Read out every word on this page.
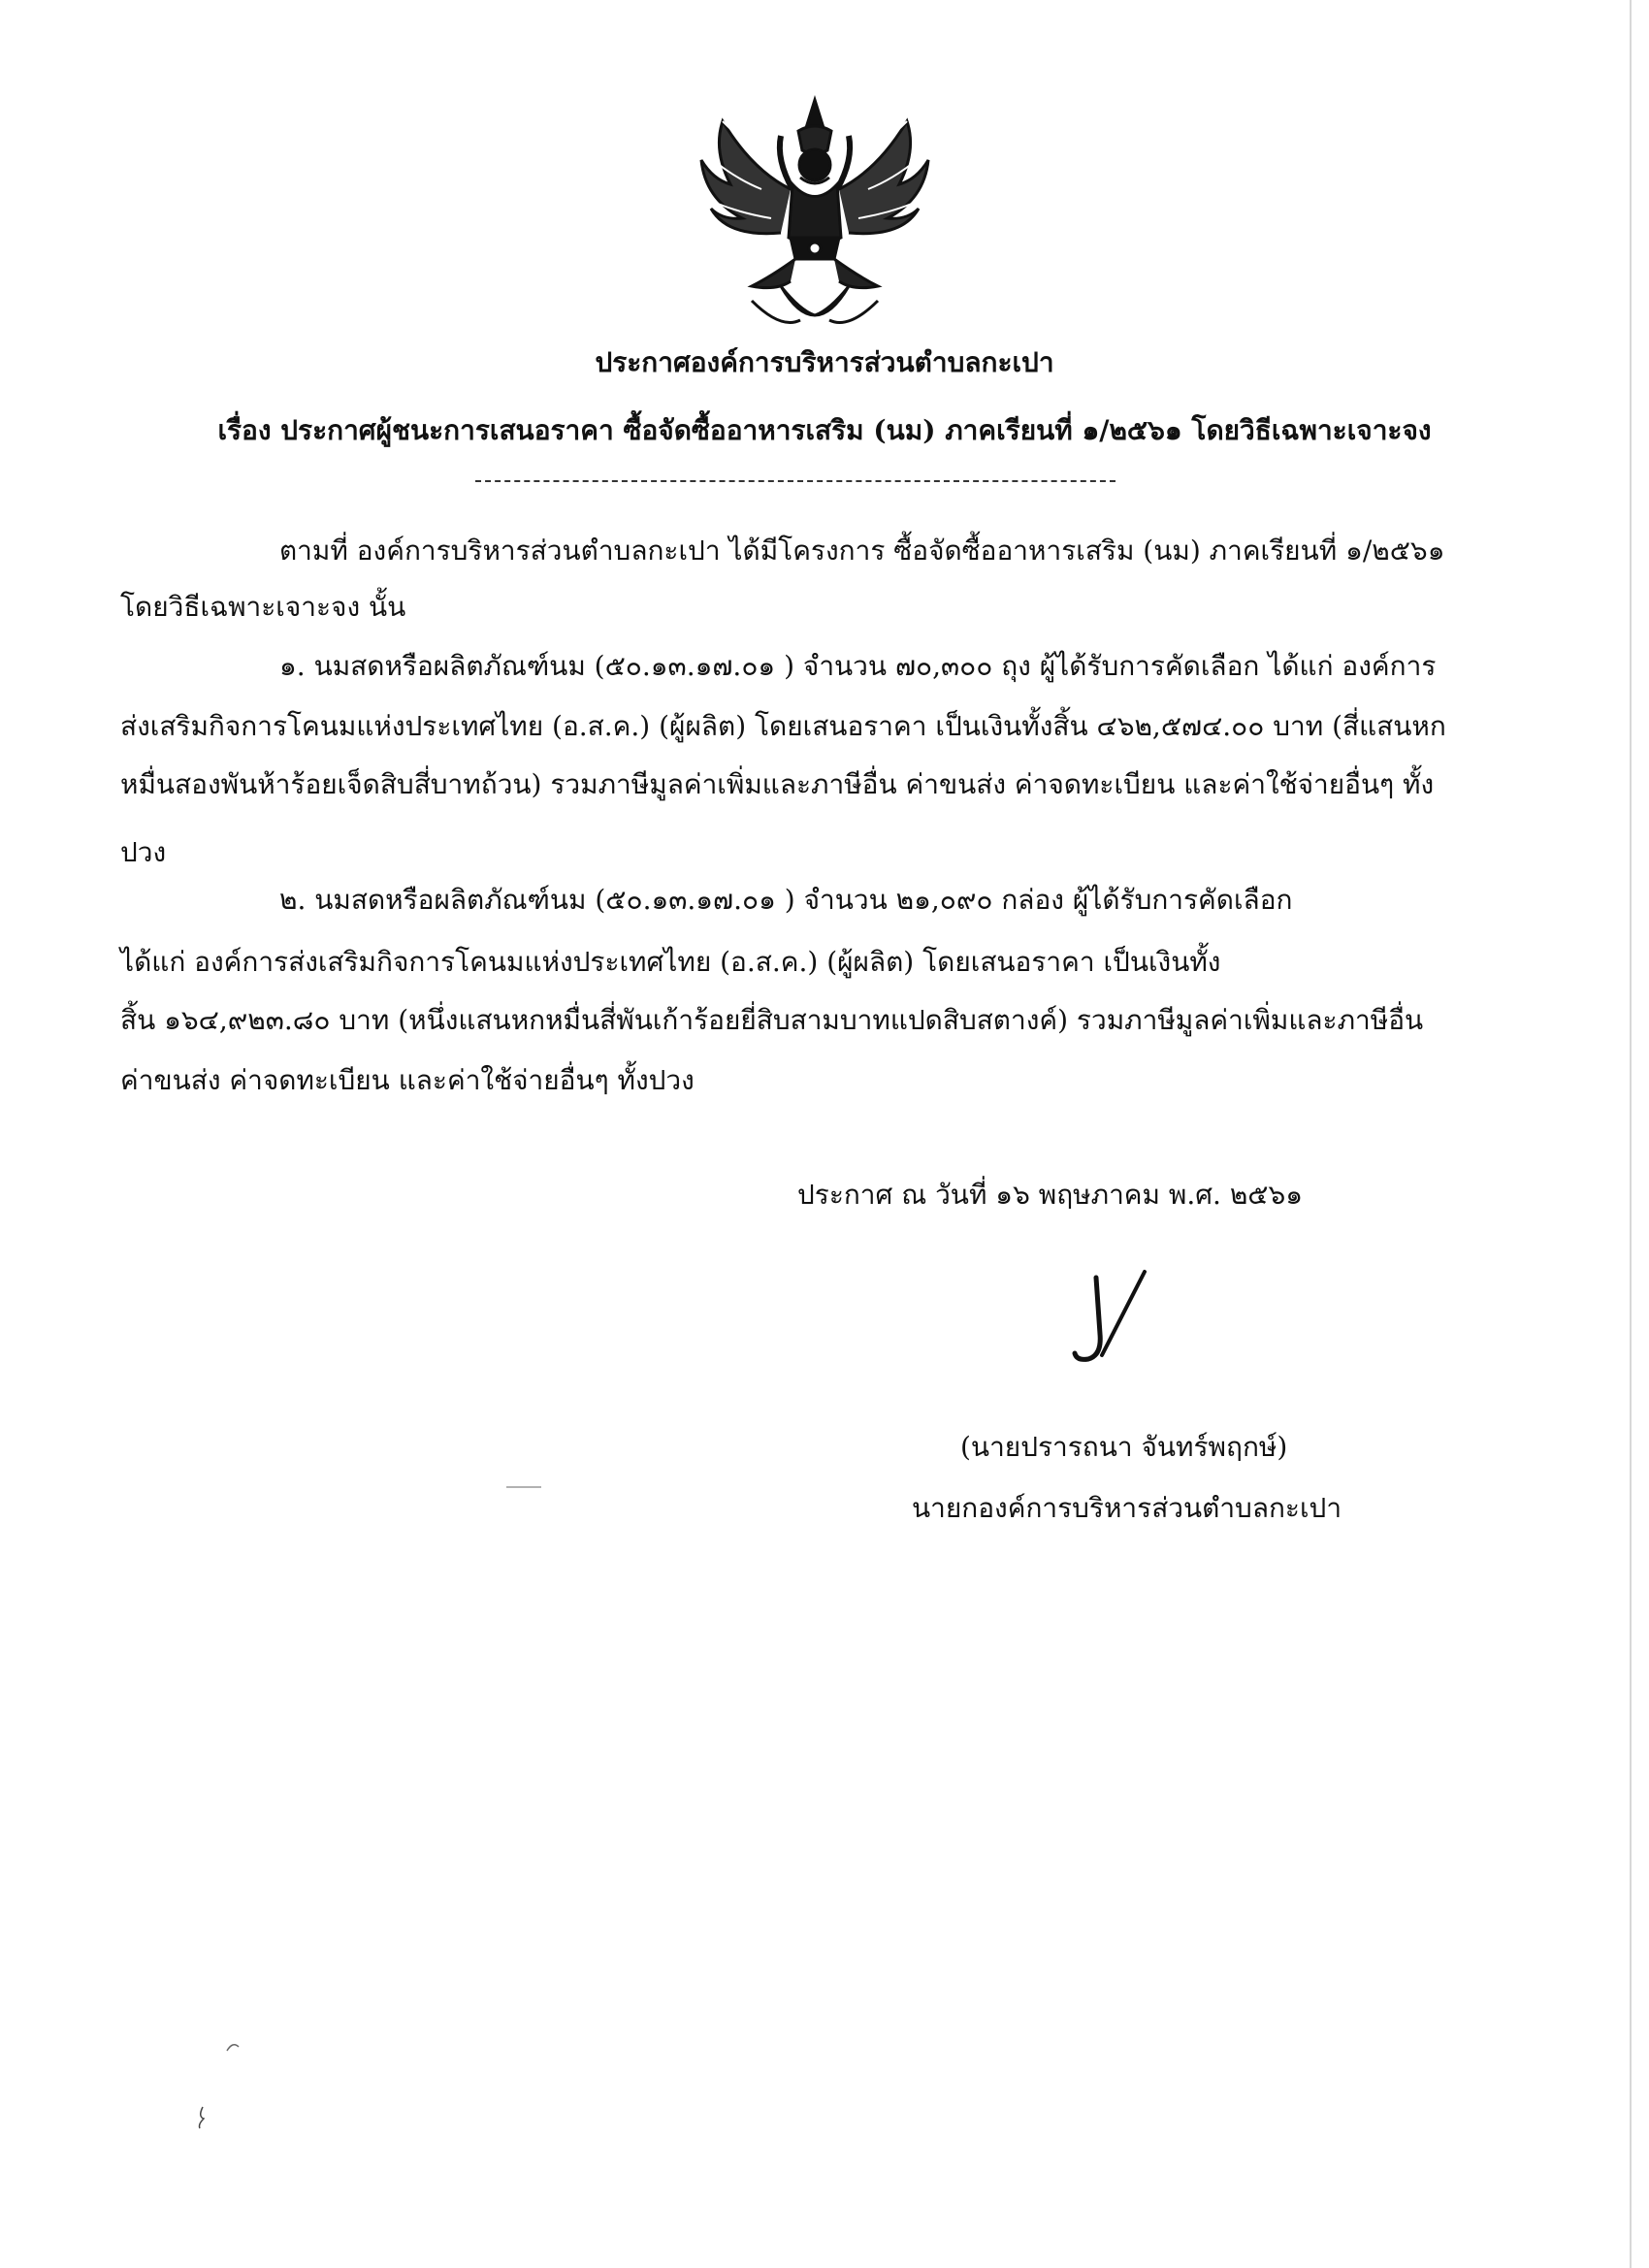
ประกาศองค์การบริหารส่วนตำบลกะเปา
เรื่อง ประกาศผู้ชนะการเสนอราคา ซื้อจัดซื้ออาหารเสริม (นม) ภาคเรียนที่ ๑/๒๕๖๑ โดยวิธีเฉพาะเจาะจง
ตามที่ องค์การบริหารส่วนตำบลกะเปา ได้มีโครงการ ซื้อจัดซื้ออาหารเสริม (นม) ภาคเรียนที่ ๑/๒๕๖๑
โดยวิธีเฉพาะเจาะจง นั้น
๑. นมสดหรือผลิตภัณฑ์นม (๕๐.๑๓.๑๗.๐๑ ) จำนวน ๗๐,๓๐๐ ถุง ผู้ได้รับการคัดเลือก ได้แก่ องค์การ
ส่งเสริมกิจการโคนมแห่งประเทศไทย (อ.ส.ค.) (ผู้ผลิต) โดยเสนอราคา เป็นเงินทั้งสิ้น ๔๖๒,๕๗๔.๐๐ บาท (สี่แสนหก
หมื่นสองพันห้าร้อยเจ็ดสิบสี่บาทถ้วน) รวมภาษีมูลค่าเพิ่มและภาษีอื่น ค่าขนส่ง ค่าจดทะเบียน และค่าใช้จ่ายอื่นๆ ทั้ง
ปวง
๒. นมสดหรือผลิตภัณฑ์นม (๕๐.๑๓.๑๗.๐๑ ) จำนวน ๒๑,๐๙๐ กล่อง ผู้ได้รับการคัดเลือก
ได้แก่ องค์การส่งเสริมกิจการโคนมแห่งประเทศไทย (อ.ส.ค.) (ผู้ผลิต) โดยเสนอราคา เป็นเงินทั้ง
สิ้น ๑๖๔,๙๒๓.๘๐ บาท (หนึ่งแสนหกหมื่นสี่พันเก้าร้อยยี่สิบสามบาทแปดสิบสตางค์) รวมภาษีมูลค่าเพิ่มและภาษีอื่น
ค่าขนส่ง ค่าจดทะเบียน และค่าใช้จ่ายอื่นๆ ทั้งปวง
ประกาศ ณ วันที่ ๑๖ พฤษภาคม พ.ศ. ๒๕๖๑
(นายปรารถนา จันทร์พฤกษ์)
นายกองค์การบริหารส่วนตำบลกะเปา
